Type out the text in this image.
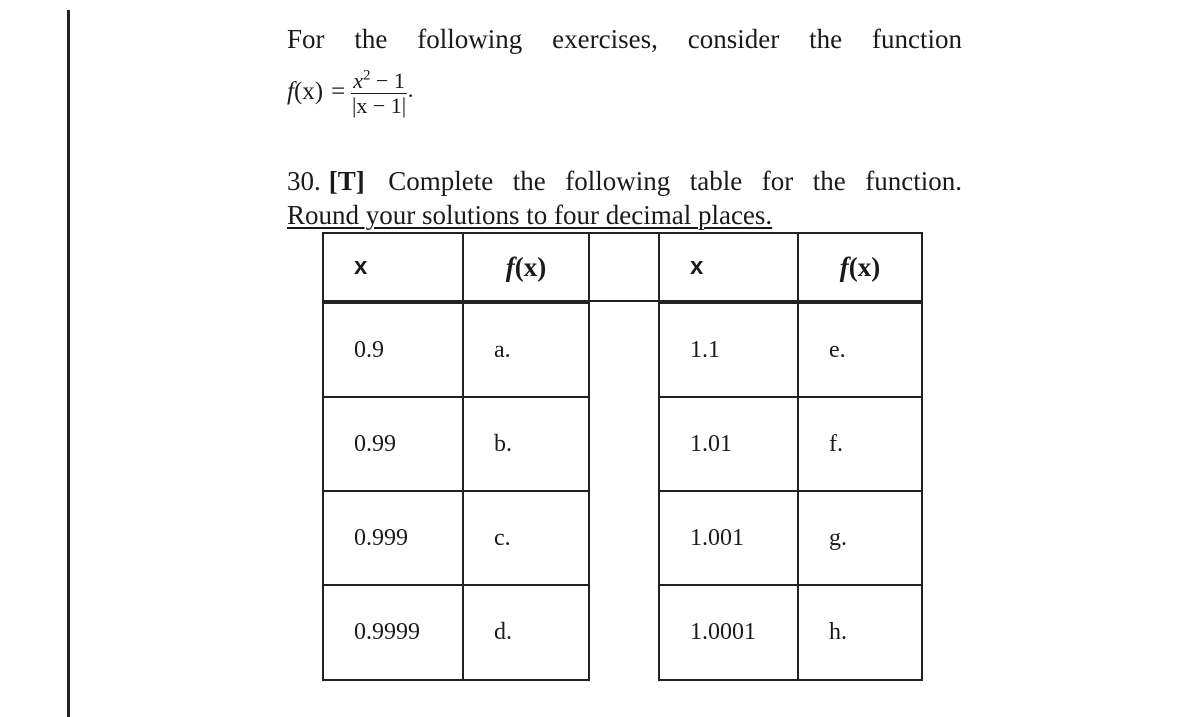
For the following exercises, consider the function
f $(x) = \frac{x^2 - 1}{|x - 1|}$ .
30. [T] Complete the following table for the function.
Round your solutions to four decimal places.
x	f (x)	x	f (x)
0.9	a.	1.1	e.
0.99	b.	1.01	f.
0.999	c.	1.001	g.
0.9999	d.	1.0001	h.
